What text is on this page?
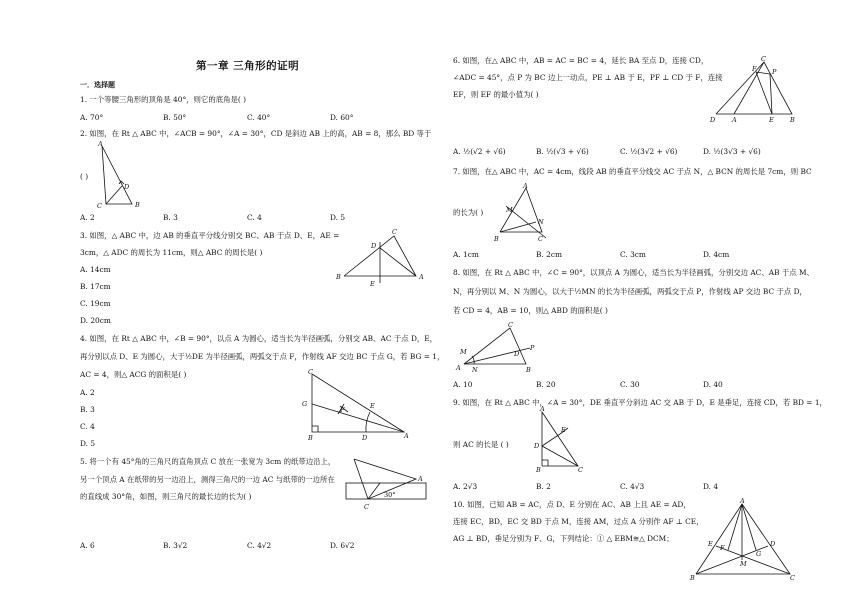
第一章 三角形的证明
一．选择题
1. 一个等腰三角形的顶角是 40°，则它的底角是( )
A. 70°	B. 50°	C. 40°	D. 60°
2. 如图，在 Rt △ ABC 中，∠ACB = 90°，∠A = 30°，CD 是斜边 AB 上的高，AB = 8，那么 BD 等于
( )
A
B
C
D
A. 2	B. 3	C. 4	D. 5
3. 如图，△ ABC 中，边 AB 的垂直平分线分别交 BC、AB 于点 D、E，AE =
3cm，△ ADC 的周长为 11cm，则△ ABC 的周长是( )
A. 14cm
B. 17cm
C. 19cm
D. 20cm
B
C
A
D
E
4. 如图，在 Rt △ ABC 中，∠B = 90°，以点 A 为圆心，适当长为半径画弧，分别交 AB、AC 于点 D，E，
再分别以点 D、E 为圆心，大于½DE 为半径画弧，两弧交于点 F，作射线 AF 交边 BC 于点 G，若 BG = 1，
AC = 4，则△ ACG 的面积是( )
A. 2
B. 3
C. 4
D. 5
G
B	A
D
E
F
C
5. 将一个有 45°角的三角尺的直角顶点 C 放在一张宽为 3cm 的纸带边沿上，
另一个顶点 A 在纸带的另一边沿上，测得三角尺的一边 AC 与纸带的一边所在
的直线成 30°角，如图，则三角尺的最长边的长为( )
A
C
30°
A. 6	B. 3√2	C. 4√2	D. 6√2
6. 如图，在△ ABC 中，AB = AC = BC = 4，延长 BA 至点 D，连接 CD，
∠ADC = 45°，点 P 为 BC 边上一动点，PE ⊥ AB 于 E，PF ⊥ CD 于 F，连接
EF，则 EF 的最小值为( )
C
F P
D	A	E	B
A. ½(√2 + √6)	B. ½(√3 + √6)	C. ½(3√2 + √6)	D. ½(3√3 + √6)
7. 如图，在△ ABC 中，AC = 4cm，线段 AB 的垂直平分线交 AC 于点 N，△ BCN 的周长是 7cm，则 BC
的长为( )
A
B	C
M
N
A. 1cm	B. 2cm	C. 3cm	D. 4cm
8. 如图，在 Rt △ ABC 中，∠C = 90°，以顶点 A 为圆心，适当长为半径画弧，分别交边 AC、AB 于点 M、
N，再分别以 M、N 为圆心，以大于½MN 的长为半径画弧，两弧交于点 P，作射线 AP 交边 BC 于点 D，
若 CD = 4，AB = 10，则△ ABD 的面积是( )
M
A N
C
D
P
B
A. 10	B. 20	C. 30	D. 40
9. 如图，在 Rt △ ABC 中，∠A = 30°，DE 垂直平分斜边 AC 交 AB 于 D，E 是垂足，连接 CD，若 BD = 1，
则 AC 的长是 ( )
A
D
E
B	C
A. 2√3	B. 2	C. 4√3	D. 4
10. 如图，已知 AB = AC，点 D、E 分别在 AC、AB 上且 AE = AD，
连接 EC，BD，EC 交 BD 于点 M，连接 AM，过点 A 分别作 AF ⊥ CE，
AG ⊥ BD，垂足分别为 F、G，下列结论：① △ EBM≅△ DCM；
A
E F
G
D
M
B	C
